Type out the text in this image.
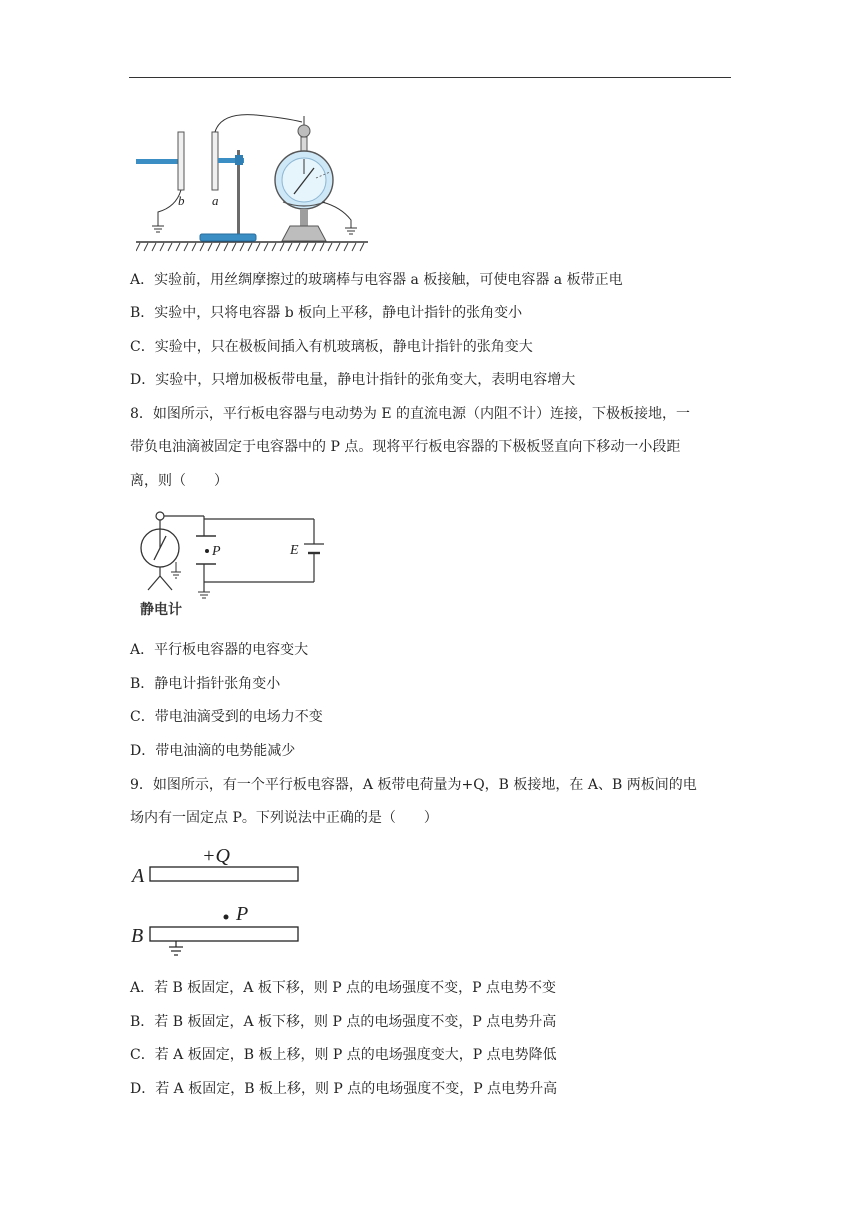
b a
A．实验前，用丝绸摩擦过的玻璃棒与电容器 a 板接触，可使电容器 a 板带正电
B．实验中，只将电容器 b 板向上平移，静电计指针的张角变小
C．实验中，只在极板间插入有机玻璃板，静电计指针的张角变大
D．实验中，只增加极板带电量，静电计指针的张角变大，表明电容增大
8．如图所示，平行板电容器与电动势为 E 的直流电源（内阻不计）连接，下极板接地，一
带负电油滴被固定于电容器中的 P 点。现将平行板电容器的下极板竖直向下移动一小段距
离，则（　　）
P	E
静电计
A．平行板电容器的电容变大
B．静电计指针张角变小
C．带电油滴受到的电场力不变
D．带电油滴的电势能减少
9．如图所示，有一个平行板电容器，A 板带电荷量为+Q，B 板接地，在 A、B 两板间的电
场内有一固定点 P。下列说法中正确的是（　　）
+Q
A
P
B
A．若 B 板固定，A 板下移，则 P 点的电场强度不变，P 点电势不变
B．若 B 板固定，A 板下移，则 P 点的电场强度不变，P 点电势升高
C．若 A 板固定，B 板上移，则 P 点的电场强度变大，P 点电势降低
D．若 A 板固定，B 板上移，则 P 点的电场强度不变，P 点电势升高
